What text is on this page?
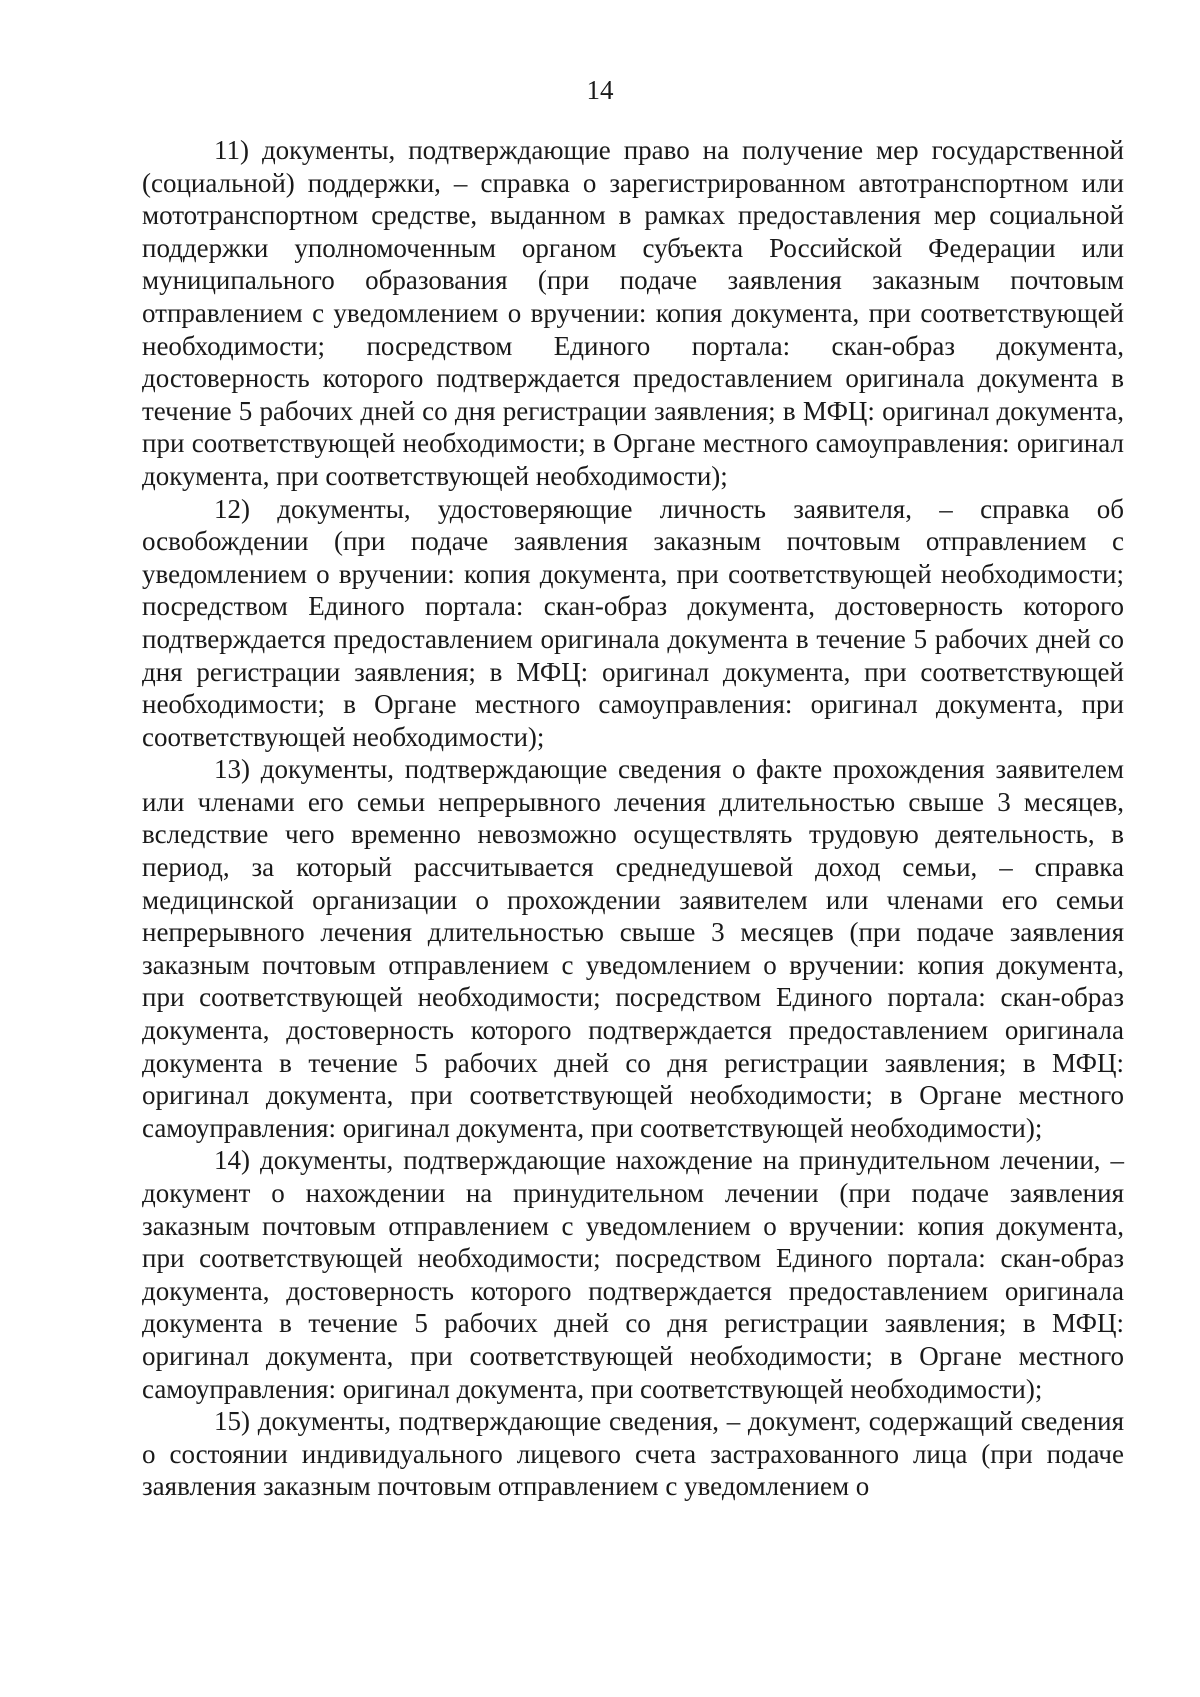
14

11) документы, подтверждающие право на получение мер государственной (социальной) поддержки, – справка о зарегистрированном автотранспортном или мототранспортном средстве, выданном в рамках предоставления мер социальной поддержки уполномоченным органом субъекта Российской Федерации или муниципального образования (при подаче заявления заказным почтовым отправлением с уведомлением о вручении: копия документа, при соответствующей необходимости; посредством Единого портала: скан-образ документа, достоверность которого подтверждается предоставлением оригинала документа в течение 5 рабочих дней со дня регистрации заявления; в МФЦ: оригинал документа, при соответствующей необходимости; в Органе местного самоуправления: оригинал документа, при соответствующей необходимости);

12) документы, удостоверяющие личность заявителя, – справка об освобождении (при подаче заявления заказным почтовым отправлением с уведомлением о вручении: копия документа, при соответствующей необходимости; посредством Единого портала: скан-образ документа, достоверность которого подтверждается предоставлением оригинала документа в течение 5 рабочих дней со дня регистрации заявления; в МФЦ: оригинал документа, при соответствующей необходимости; в Органе местного самоуправления: оригинал документа, при соответствующей необходимости);

13) документы, подтверждающие сведения о факте прохождения заявителем или членами его семьи непрерывного лечения длительностью свыше 3 месяцев, вследствие чего временно невозможно осуществлять трудовую деятельность, в период, за который рассчитывается среднедушевой доход семьи, – справка медицинской организации о прохождении заявителем или членами его семьи непрерывного лечения длительностью свыше 3 месяцев (при подаче заявления заказным почтовым отправлением с уведомлением о вручении: копия документа, при соответствующей необходимости; посредством Единого портала: скан-образ документа, достоверность которого подтверждается предоставлением оригинала документа в течение 5 рабочих дней со дня регистрации заявления; в МФЦ: оригинал документа, при соответствующей необходимости; в Органе местного самоуправления: оригинал документа, при соответствующей необходимости);

14) документы, подтверждающие нахождение на принудительном лечении, – документ о нахождении на принудительном лечении (при подаче заявления заказным почтовым отправлением с уведомлением о вручении: копия документа, при соответствующей необходимости; посредством Единого портала: скан-образ документа, достоверность которого подтверждается предоставлением оригинала документа в течение 5 рабочих дней со дня регистрации заявления; в МФЦ: оригинал документа, при соответствующей необходимости; в Органе местного самоуправления: оригинал документа, при соответствующей необходимости);

15) документы, подтверждающие сведения, – документ, содержащий сведения о состоянии индивидуального лицевого счета застрахованного лица (при подаче заявления заказным почтовым отправлением с уведомлением о
